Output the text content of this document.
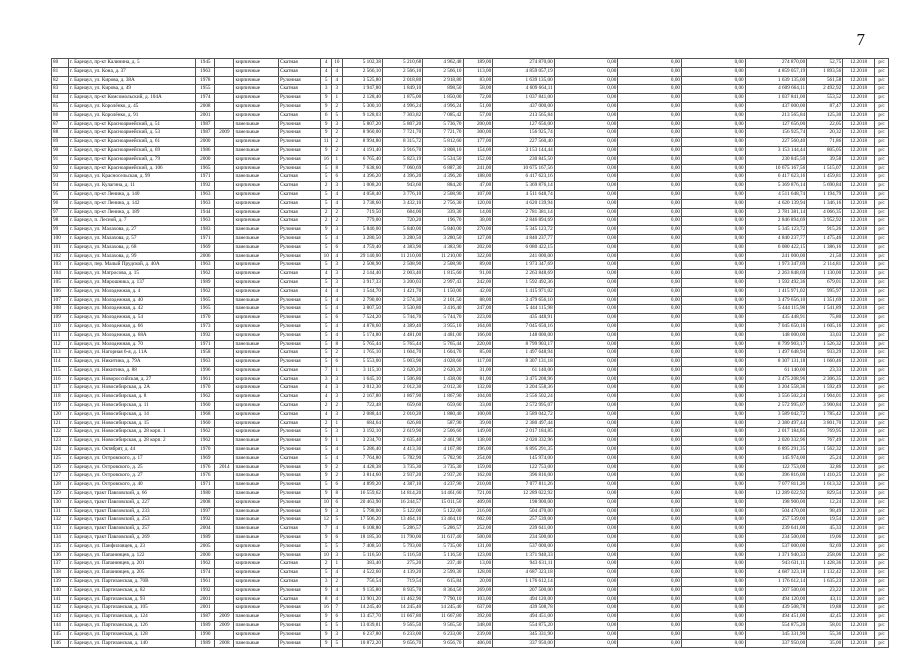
7
80	г. Барнаул, пр-кт Калинина, д. 5	1945		кирпичные	Скатная	4	10	5 102,38	5 210,68	4 962,48	189,00	274 870,00	0,00	0,00	0,00	274 870,00	52,75	12.2018	р/с
81	г. Барнаул, ул. Кона, д. 37	1963		кирпичные	Скатная	4	4	2 566,10	2 566,10	2 566,10	113,00	4 859 057,19	0,00	0,00	0,00	4 859 057,19	1 893,56	12.2018	р/с
82	г. Барнаул, ул. Кирова, д. 38А	1978		кирпичные	Рулонная	5	4	3 525,80	2 018,80	2 918,80	83,00	1 639 135,00	0,00	0,00	0,00	1 639 135,00	561,58	12.2018	р/с
83	г. Барнаул, ул. Кирова, д. 49	1955		кирпичные	Скатная	3	3	1 947,80	1 849,10	898,50	58,00	4 609 664,11	0,00	0,00	0,00	4 609 664,11	2 492,92	12.2018	р/с
84	г. Барнаул, пр-кт Комсомольский, д. 104А	1974		кирпичные	Рулонная	9	1	2 128,40	1 875,00	1 850,00	72,00	1 037 841,00	0,00	0,00	0,00	1 037 841,00	553,52	12.2018	р/с
85	г. Барнаул, ул. Королёнко, д. 45	2008		кирпичные	Рулонная	9	2	5 300,10	4 996,24	4 996,24	51,00	437 000,00	0,00	0,00	0,00	437 000,00	87,47	12.2018	р/с
86	г. Барнаул, ул. Королёнко, д. 91	2001		кирпичные	Скатная	6	5	9 128,03	7 303,82	7 085,42	57,00	213 565,84	0,00	0,00	0,00	213 565,84	125,30	12.2018	р/с
87	г. Барнаул, пр-кт Красноармейский, д. 51	1987		панельные	Рулонная	9	3	5 807,20	5 807,20	5 736,70	200,00	127 656,00	0,00	0,00	0,00	127 656,00	22,05	12.2018	р/с
88	г. Барнаул, пр-кт Красноармейский, д. 53	1987	2009	панельные	Рулонная	9	2	8 960,00	7 721,70	7 721,70	300,00	156 925,74	0,00	0,00	0,00	156 925,74	20,32	12.2018	р/с
89	г. Барнаул, пр-кт Красноармейский, д. 61	2000		кирпичные	Рулонная	11	2	8 994,80	8 315,72	5 812,60	177,00	227 560,40	0,00	0,00	0,00	227 560,40	71,86	12.2018	р/с
90	г. Барнаул, пр-кт Красноармейский, д. 69	1986		панельные	Рулонная	9	2	4 191,40	3 916,70	3 808,10	154,00	3 153 144,44	0,00	0,00	0,00	3 153 144,44	805,05	12.2018	р/с
91	г. Барнаул, пр-кт Красноармейский, д. 79	2000		кирпичные	Рулонная	16	1	6 765,40	5 823,19	5 534,50	152,00	230 845,50	0,00	0,00	0,00	230 845,50	39,58	12.2018	р/с
92	г. Барнаул, пр-кт Красноармейский, д. 106	1965		кирпичные	Рулонная	5	8	7 638,60	7 060,69	6 887,30	241,00	10 675 167,56	0,00	0,00	0,00	10 675 167,56	1 515,07	12.2018	р/с
93	г. Барнаул, ул. Красносельская, д. 99	1971		панельные	Скатная	5	6	4 396,20	4 396,20	4 396,20	188,00	6 417 623,16	0,00	0,00	0,00	6 417 623,16	1 459,81	12.2018	р/с
94	г. Барнаул, ул. Кулагина, д. 11	1992		кирпичные	Скатная	2	3	1 008,20	943,60	884,20	47,00	5 369 876,14	0,00	0,00	0,00	5 369 876,14	5 690,84	12.2018	р/с
95	г. Барнаул, пр-кт Ленина, д. 140	1963		кирпичные	Скатная	5	4	4 058,40	3 776,10	2 508,90	107,00	4 511 648,74	0,00	0,00	0,00	4 511 648,74	1 194,79	12.2018	р/с
96	г. Барнаул, пр-кт Ленина, д. 142	1963		кирпичные	Скатная	5	4	3 738,60	3 432,10	2 756,30	120,00	4 620 139,94	0,00	0,00	0,00	4 620 139,94	1 346,16	12.2018	р/с
97	г. Барнаул, пр-кт Ленина, д. 189	1944		кирпичные	Скатная	2	2	719,50	684,00	339,30	14,00	2 781 381,14	0,00	0,00	0,00	2 781 381,14	4 066,35	12.2018	р/с
98	г. Барнаул, п. Лесной, д. 7	1963		кирпичные	Скатная	2	2	779,00	720,20	196,70	38,00	2 846 894,69	0,00	0,00	0,00	2 846 894,69	3 952,92	12.2018	р/с
99	г. Барнаул, ул. Малахова, д. 27	1983		панельные	Рулонная	9	3	5 840,00	5 840,00	5 840,00	270,00	5 345 123,72	0,00	0,00	0,00	5 345 123,72	915,26	12.2018	р/с
100	г. Барнаул, ул. Малахова, д. 57	1971		панельные	Рулонная	5	4	3 280,50	3 280,50	3 280,50	127,00	4 840 237,77	0,00	0,00	0,00	4 840 237,77	1 475,46	12.2018	р/с
101	г. Барнаул, ул. Малахова, д. 68	1969		панельные	Рулонная	5	6	4 759,40	4 383,90	4 383,90	202,00	6 080 422,15	0,00	0,00	0,00	6 080 422,15	1 386,16	12.2018	р/с
102	г. Барнаул, ул. Малахова, д. 99	2006		панельные	Рулонная	10	4	29 140,00	11 210,00	11 210,00	322,00	241 000,00	0,00	0,00	0,00	241 000,00	21,50	12.2018	р/с
103	г. Барнаул, пер. Малый Прудской, д. 40А	1963		кирпичные	Рулонная	5	3	2 508,90	2 508,90	2 508,90	89,00	1 973 347,69	0,00	0,00	0,00	1 973 347,69	2 114,81	12.2018	р/с
104	г. Барнаул, ул. Матросова, д. 15	1962		кирпичные	Скатная	4	3	2 144,40	2 003,40	1 815,60	91,00	2 263 848,69	0,00	0,00	0,00	2 263 848,69	1 130,00	12.2018	р/с
105	г. Барнаул, ул. Мирошника, д. 137	1989		кирпичные	Скатная	5	3	3 917,33	3 200,03	2 997,43	242,00	1 592 492,36	0,00	0,00	0,00	1 592 492,36	679,01	12.2018	р/с
106	г. Барнаул, ул. Молодежная, д. 4	1962		кирпичные	Скатная	4	4	1 544,70	1 421,70	1 150,00	42,00	1 415 971,02	0,00	0,00	0,00	1 415 971,02	995,97	12.2018	р/с
107	г. Барнаул, ул. Молодежная, д. 40	1965		панельные	Рулонная	5	4	2 790,00	2 574,30	2 101,50	88,00	3 479 656,10	0,00	0,00	0,00	3 479 656,10	1 351,69	12.2018	р/с
108	г. Барнаул, ул. Молодежная, д. 42	1965		панельные	Рулонная	5	4	3 807,50	3 530,80	3 416,40	247,00	5 444 115,98	0,00	0,00	0,00	5 444 115,98	1 541,89	12.2018	р/с
109	г. Барнаул, ул. Молодежная, д. 54	1970		кирпичные	Рулонная	5	6	7 524,20	5 744,70	5 744,70	223,00	435 448,91	0,00	0,00	0,00	435 448,91	75,80	12.2018	р/с
110	г. Барнаул, ул. Молодежная, д. 66	1973		кирпичные	Рулонная	5	4	4 878,60	4 389,40	3 955,10	164,00	7 045 650,16	0,00	0,00	0,00	7 045 650,16	1 605,16	12.2018	р/с
111	г. Барнаул, ул. Молодежная, д. 68А	1992		кирпичные	Рулонная	5	4	5 174,80	4 481,00	4 481,00	166,00	148 000,00	0,00	0,00	0,00	148 000,00	33,03	12.2018	р/с
112	г. Барнаул, ул. Молодежная, д. 70	1971		панельные	Рулонная	5	8	5 765,44	5 765,44	5 765,44	220,00	8 799 903,17	0,00	0,00	0,00	8 799 903,17	1 526,32	12.2018	р/с
113	г. Барнаул, ул. Нагорная 6-я, д. 11А	1958		кирпичные	Скатная	5	2	1 765,10	1 604,70	1 604,70	85,00	1 497 648,94	0,00	0,00	0,00	1 497 648,94	933,29	12.2018	р/с
114	г. Барнаул, ул. Никитина, д. 79А	1963		кирпичные	Рулонная	5	6	5 553,00	5 003,90	4 028,60	117,00	8 307 131,18	0,00	0,00	0,00	8 307 131,18	1 660,46	12.2018	р/с
115	г. Барнаул, ул. Никитина, д. 88	1996		кирпичные	Скатная	7	1	3 115,10	2 620,20	2 620,20	31,00	61 140,00	0,00	0,00	0,00	61 140,00	23,33	12.2018	р/с
116	г. Барнаул, ул. Новороссийская, д. 27	1961		кирпичные	Скатная	3	3	1 645,10	1 506,80	1 438,00	81,00	3 475 208,96	0,00	0,00	0,00	3 475 208,96	2 306,35	12.2018	р/с
117	г. Барнаул, ул. Новосибирская, д. 2А	1970		кирпичные	Скатная	4	3	2 012,30	2 012,30	2 012,30	132,00	3 204 558,36	0,00	0,00	0,00	3 204 558,36	1 592,49	12.2018	р/с
118	г. Барнаул, ул. Новосибирская, д. 8	1962		кирпичные	Скатная	4	3	2 167,80	1 867,90	1 867,90	104,00	3 556 502,24	0,00	0,00	0,00	3 556 502,24	1 904,01	12.2018	р/с
119	г. Барнаул, ул. Новосибирская, д. 11	1960		кирпичные	Скатная	2	2	722,48	659,60	659,60	33,00	2 572 995,07	0,00	0,00	0,00	2 572 995,07	3 900,84	12.2018	р/с
120	г. Барнаул, ул. Новосибирская, д. 14	1968		кирпичные	Скатная	4	3	2 088,44	2 010,20	1 880,40	100,00	3 589 042,72	0,00	0,00	0,00	3 589 042,72	1 785,42	12.2018	р/с
121	г. Барнаул, ул. Новосибирская, д. 15	1960		кирпичные	Скатная	2	1	684,64	626,80	587,90	39,00	2 380 497,44	0,00	0,00	0,00	2 380 497,44	3 801,70	12.2018	р/с
122	г. Барнаул, ул. Новосибирская, д. 28 корп. 1	1962		кирпичные	Рулонная	5	3	3 192,10	2 619,90	2 506,60	149,00	2 017 184,85	0,00	0,00	0,00	2 017 184,85	769,95	12.2018	р/с
123	г. Барнаул, ул. Новосибирская, д. 28 корп. 2	1962		панельные	Рулонная	9	1	3 234,70	2 635,40	2 461,90	138,00	2 020 332,96	0,00	0,00	0,00	2 020 332,96	767,49	12.2018	р/с
124	г. Барнаул, ул. Октябрят, д. 44	1970		панельные	Рулонная	5	4	5 286,40	4 413,30	4 167,80	196,00	6 895 291,35	0,00	0,00	0,00	6 895 291,35	1 562,32	12.2018	р/с
125	г. Барнаул, ул. Островского, д. 17	1969		панельные	Скатная	5	4	7 764,80	5 782,90	5 782,90	254,00	145 974,00	0,00	0,00	0,00	145 974,00	25,24	12.2018	р/с
126	г. Барнаул, ул. Островского, д. 25	1976	2014	панельные	Рулонная	9	2	4 428,38	3 735,30	3 735,30	159,00	122 753,00	0,00	0,00	0,00	122 753,00	32,86	12.2018	р/с
127	г. Барнаул, ул. Островского, д. 27	1976		панельные	Рулонная	9	2	3 814,60	2 937,20	2 937,20	162,00	396 816,00	0,00	0,00	0,00	396 816,00	1 410,25	12.2018	р/с
128	г. Барнаул, ул. Островского, д. 40	1971		панельные	Рулонная	5	6	4 899,20	4 387,10	4 237,90	210,00	7 077 811,26	0,00	0,00	0,00	7 077 811,26	1 613,32	12.2018	р/с
129	г. Барнаул, тракт Павловский, д. 66	1980		панельные	Рулонная	9	8	16 559,62	14 814,20	14 461,60	721,00	12 289 022,92	0,00	0,00	0,00	12 289 022,92	829,54	12.2018	р/с
130	г. Барнаул, тракт Павловский, д. 227	2008		кирпичные	Рулонная	10	6	20 463,90	16 244,57	15 011,50	409,00	198 900,00	0,00	0,00	0,00	198 900,00	12,24	12.2018	р/с
131	г. Барнаул, тракт Павловский, д. 233	1997		панельные	Рулонная	9	3	5 798,00	5 122,00	5 122,00	216,00	504 470,00	0,00	0,00	0,00	504 470,00	98,49	12.2018	р/с
132	г. Барнаул, тракт Павловский, д. 253	1992		панельные	Рулонная	12	5	17 506,20	13 464,10	13 464,10	602,00	257 539,00	0,00	0,00	0,00	257 539,00	19,54	12.2018	р/с
133	г. Барнаул, тракт Павловский, д. 257	2004		панельные	Скатная	7	4	6 108,80	5 286,57	5 286,57	252,00	239 641,00	0,00	0,00	0,00	239 641,00	45,33	12.2018	р/с
134	г. Барнаул, тракт Павловский, д. 269	1989		панельные	Рулонная	9	6	18 185,30	11 790,00	11 617,40	500,00	234 500,00	0,00	0,00	0,00	234 500,00	19,06	12.2018	р/с
135	г. Барнаул, ул. Панфиловцев, д. 23	2005		кирпичные	Рулонная	5	5	7 408,50	5 793,00	5 735,00	131,00	537 000,00	0,00	0,00	0,00	537 000,00	92,69	12.2018	р/с
136	г. Барнаул, ул. Папанинцев, д. 122	2000		кирпичные	Рулонная	10	3	5 116,50	5 116,50	5 116,50	123,00	1 371 940,33	0,00	0,00	0,00	1 371 940,33	258,06	12.2018	р/с
137	г. Барнаул, ул. Папанинцев, д. 201	1962		кирпичные	Скатная	2	1	383,40	275,20	237,40	13,00	943 631,11	0,00	0,00	0,00	943 631,11	1 428,36	12.2018	р/с
138	г. Барнаул, ул. Папанинцев, д. 205	1974		кирпичные	Скатная	5	4	4 522,60	4 139,20	2 599,30	128,00	4 687 323,18	0,00	0,00	0,00	4 687 323,18	1 132,42	12.2018	р/с
139	г. Барнаул, ул. Партизанская, д. 70В	1961		кирпичные	Скатная	3	2	756,54	719,54	615,84	20,00	1 176 612,14	0,00	0,00	0,00	1 176 612,14	1 635,23	12.2018	р/с
140	г. Барнаул, ул. Партизанская, д. 82	1992		кирпичные	Рулонная	9	4	9 135,80	8 935,70	8 364,50	269,00	207 500,00	0,00	0,00	0,00	207 500,00	23,22	12.2018	р/с
141	г. Барнаул, ул. Партизанская, д. 93	2001		кирпичные	Скатная	8	4	13 901,20	11 462,90	7 790,10	103,00	494 120,00	0,00	0,00	0,00	494 120,00	43,11	12.2018	р/с
142	г. Барнаул, ул. Партизанская, д. 105	2001		кирпичные	Рулонная	16	7	14 245,40	14 245,40	14 245,40	637,00	439 508,78	0,00	0,00	0,00	439 508,78	19,88	12.2018	р/с
143	г. Барнаул, ул. Партизанская, д. 124	1987	2009	панельные	Рулонная	9	6	13 457,70	11 667,80	11 667,80	392,00	494 451,00	0,00	0,00	0,00	494 451,00	42,45	12.2018	р/с
144	г. Барнаул, ул. Партизанская, д. 126	1989	2009	панельные	Рулонная	5	5	13 039,81	9 565,50	9 565,50	348,00	554 875,20	0,00	0,00	0,00	554 875,20	58,01	12.2018	р/с
145	г. Барнаул, ул. Партизанская, д. 128	1990		кирпичные	Рулонная	9	3	6 237,80	6 233,00	6 233,00	239,00	345 331,90	0,00	0,00	0,00	345 331,90	55,36	12.2018	р/с
146	г. Барнаул, ул. Партизанская, д. 140	1989	2008	панельные	Рулонная	9	5	10 872,20	9 656,70	9 656,70	406,00	337 950,00	0,00	0,00	0,00	337 950,00	35,00	12.2018	р/с
